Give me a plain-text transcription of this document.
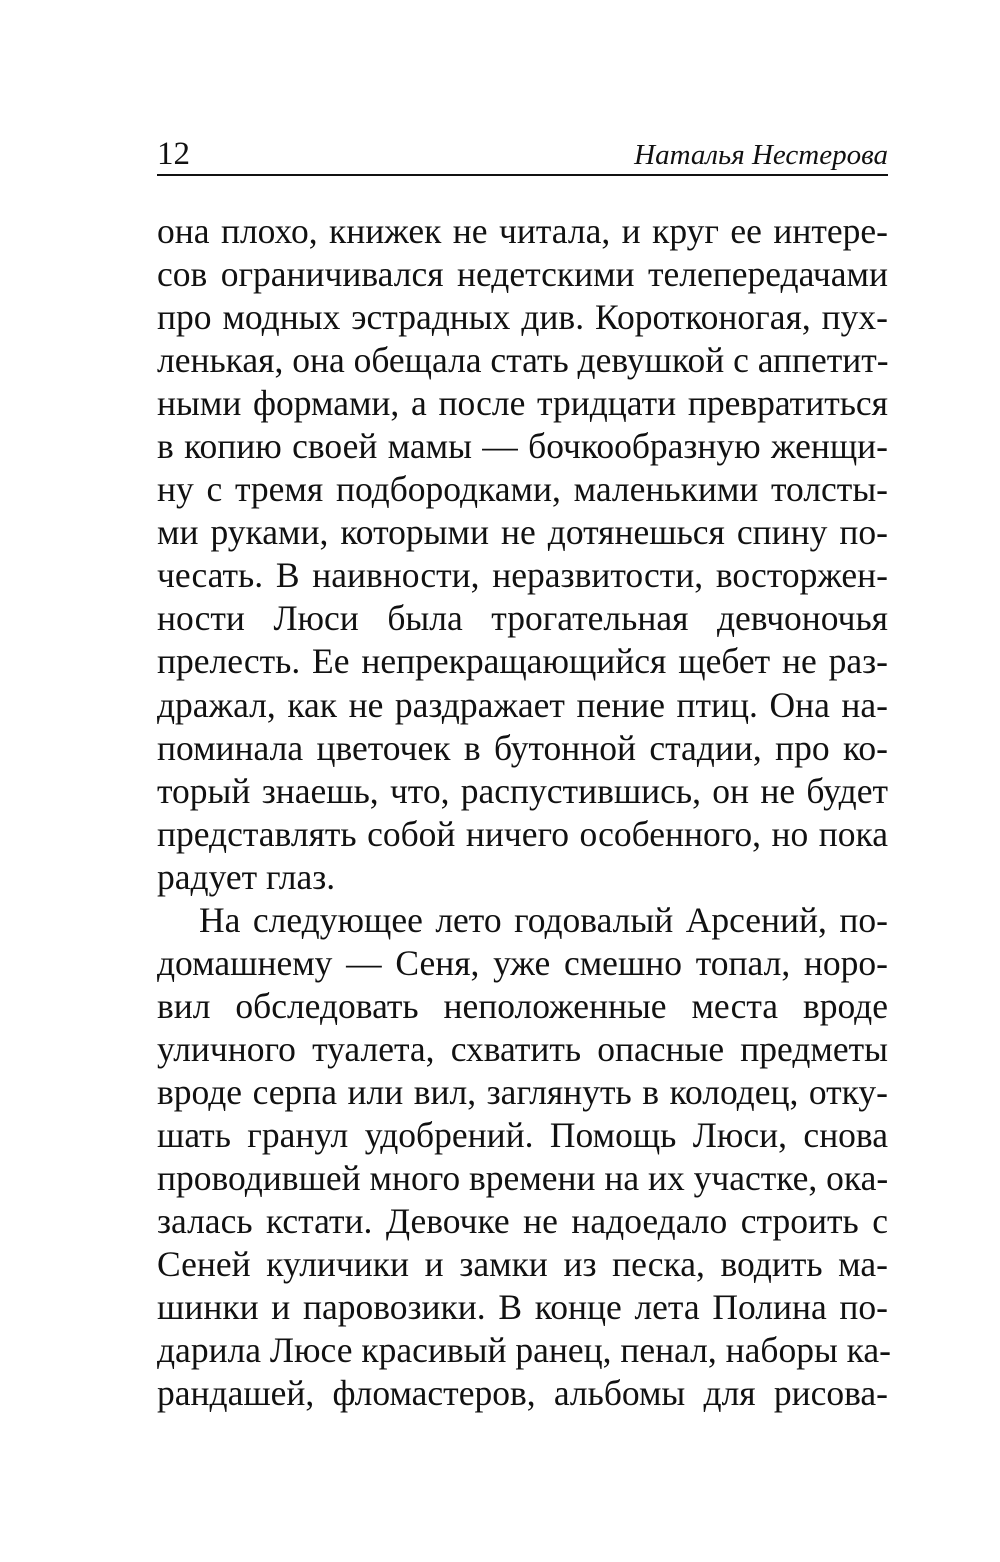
12	Наталья Нестерова
она плохо, книжек не читала, и круг ее интере-
сов ограничивался недетскими телепередачами
про модных эстрадных див. Коротконогая, пух-
ленькая, она обещала стать девушкой с аппетит-
ными формами, а после тридцати превратиться
в копию своей мамы — бочкообразную женщи-
ну с тремя подбородками, маленькими толсты-
ми руками, которыми не дотянешься спину по-
чесать. В наивности, неразвитости, восторжен-
ности Люси была трогательная девчоночья
прелесть. Ее непрекращающийся щебет не раз-
дражал, как не раздражает пение птиц. Она на-
поминала цветочек в бутонной стадии, про ко-
торый знаешь, что, распустившись, он не будет
представлять собой ничего особенного, но пока
радует глаз.
На следующее лето годовалый Арсений, по-
домашнему — Сеня, уже смешно топал, норо-
вил обследовать неположенные места вроде
уличного туалета, схватить опасные предметы
вроде серпа или вил, заглянуть в колодец, отку-
шать гранул удобрений. Помощь Люси, снова
проводившей много времени на их участке, ока-
залась кстати. Девочке не надоедало строить с
Сеней куличики и замки из песка, водить ма-
шинки и паровозики. В конце лета Полина по-
дарила Люсе красивый ранец, пенал, наборы ка-
рандашей, фломастеров, альбомы для рисова-
